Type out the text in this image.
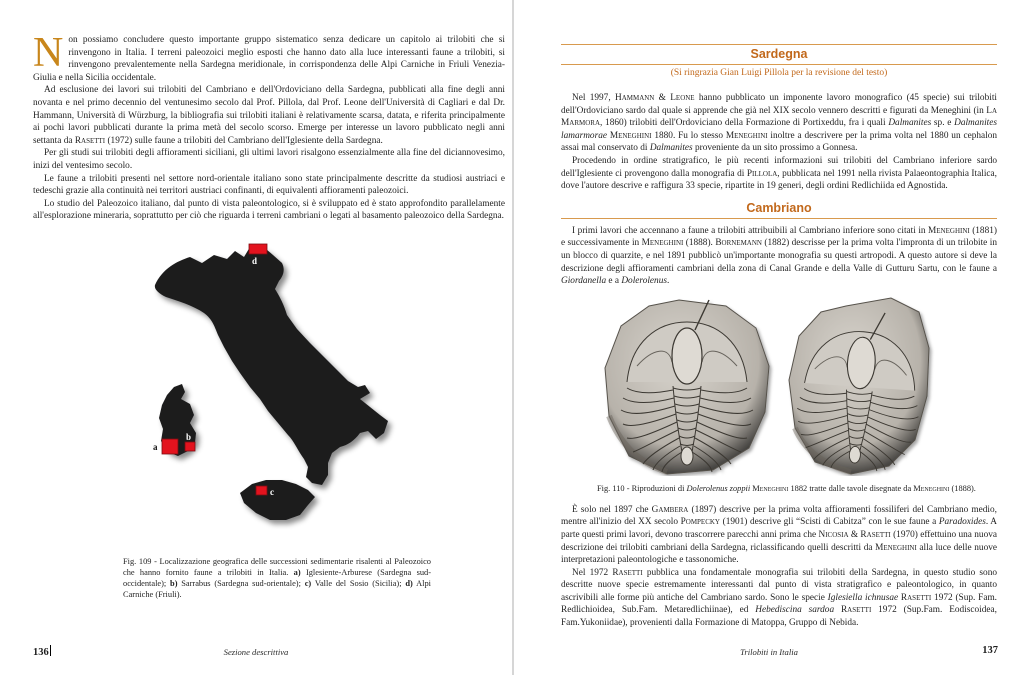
Non possiamo concludere questo importante gruppo sistematico senza dedicare un capitolo ai trilobiti che si rinvengono in Italia. I terreni paleozoici meglio esposti che hanno dato alla luce interessanti faune a trilobiti, si rinvengono prevalentemente nella Sardegna meridionale, in corrispondenza delle Alpi Carniche in Friuli Venezia-Giulia e nella Sicilia occidentale.

Ad esclusione dei lavori sui trilobiti del Cambriano e dell'Ordoviciano della Sardegna, pubblicati alla fine degli anni novanta e nel primo decennio del ventunesimo secolo dal Prof. Pillola, dal Prof. Leone dell'Università di Cagliari e dal Dr. Hammann, Università di Würzburg, la bibliografia sui trilobiti italiani è relativamente scarsa, datata, e riferita principalmente ai pochi lavori pubblicati durante la prima metà del secolo scorso. Emerge per interesse un lavoro pubblicato negli anni settanta da Rasetti (1972) sulle faune a trilobiti del Cambriano dell'Iglesiente della Sardegna.

Per gli studi sui trilobiti degli affioramenti siciliani, gli ultimi lavori risalgono essenzialmente alla fine del diciannovesimo, inizi del ventesimo secolo.

Le faune a trilobiti presenti nel settore nord-orientale italiano sono state principalmente descritte da studiosi austriaci e tedeschi grazie alla continuità nei territori austriaci confinanti, di equivalenti affioramenti paleozoici.

Lo studio del Paleozoico italiano, dal punto di vista paleontologico, si è sviluppato ed è stato approfondito parallelamente all'esplorazione mineraria, soprattutto per ciò che riguarda i terreni cambriani o legati al basamento paleozoico della Sardegna.

d
a
b
c
Fig. 109 - Localizzazione geografica delle successioni sedimentarie risalenti al Paleozoico che hanno fornito faune a trilobiti in Italia. a) Iglesiente-Arburese (Sardegna sud-occidentale); b) Sarrabus (Sardegna sud-orientale); c) Valle del Sosio (Sicilia); d) Alpi Carniche (Friuli).
136	Sezione descrittiva
Sardegna

(Si ringrazia Gian Luigi Pillola per la revisione del testo)

Nel 1997, Hammann & Leone hanno pubblicato un imponente lavoro monografico (45 specie) sui trilobiti dell'Ordoviciano sardo dal quale si apprende che già nel XIX secolo vennero descritti e figurati da Meneghini (in La Marmora, 1860) trilobiti dell'Ordoviciano della Formazione di Portixeddu, fra i quali Dalmanites sp. e Dalmanites lamarmorae Meneghini 1880. Fu lo stesso Meneghini inoltre a descrivere per la prima volta nel 1880 un cephalon assai mal conservato di Dalmanites proveniente da un sito prossimo a Gonnesa.

Procedendo in ordine stratigrafico, le più recenti informazioni sui trilobiti del Cambriano inferiore sardo dell'Iglesiente ci provengono dalla monografia di Pillola, pubblicata nel 1991 nella rivista Palaeontographia Italica, dove l'autore descrive e raffigura 33 specie, ripartite in 19 generi, degli ordini Redlichiida ed Agnostida.

Cambriano

I primi lavori che accennano a faune a trilobiti attribuibili al Cambriano inferiore sono citati in Meneghini (1881) e successivamente in Meneghini (1888). Bornemann (1882) descrisse per la prima volta l'impronta di un trilobite in un blocco di quarzite, e nel 1891 pubblicò un'importante monografia su questi artropodi. A questo autore si deve la descrizione degli affioramenti cambriani della zona di Canal Grande e della Valle di Gutturu Sartu, con le faune a Giordanella e a Dolerolenus.

Fig. 110 - Riproduzioni di Dolerolenus zoppii Meneghini 1882 tratte dalle tavole disegnate da Meneghini (1888).

È solo nel 1897 che Gambera (1897) descrive per la prima volta affioramenti fossiliferi del Cambriano medio, mentre all'inizio del XX secolo Pompecky (1901) descrive gli “Scisti di Cabitza” con le sue faune a Paradoxides. A parte questi primi lavori, devono trascorrere parecchi anni prima che Nicosia & Rasetti (1970) effettuino una nuova descrizione dei trilobiti cambriani della Sardegna, riclassificando quelli descritti da Meneghini alla luce delle nuove interpretazioni paleontologiche e tassonomiche.

Nel 1972 Rasetti pubblica una fondamentale monografia sui trilobiti della Sardegna, in questo studio sono descritte nuove specie estremamente interessanti dal punto di vista stratigrafico e paleontologico, in quanto ascrivibili alle forme più antiche del Cambriano sardo. Sono le specie Iglesiella ichnusae Rasetti 1972 (Sup. Fam. Redlichioidea, Sub.Fam. Metaredlichiinae), ed Hebediscina sardoa Rasetti 1972 (Sup.Fam. Eodiscoidea, Fam.Yukoniidae), provenienti dalla Formazione di Matoppa, Gruppo di Nebida.

Trilobiti in Italia	137
